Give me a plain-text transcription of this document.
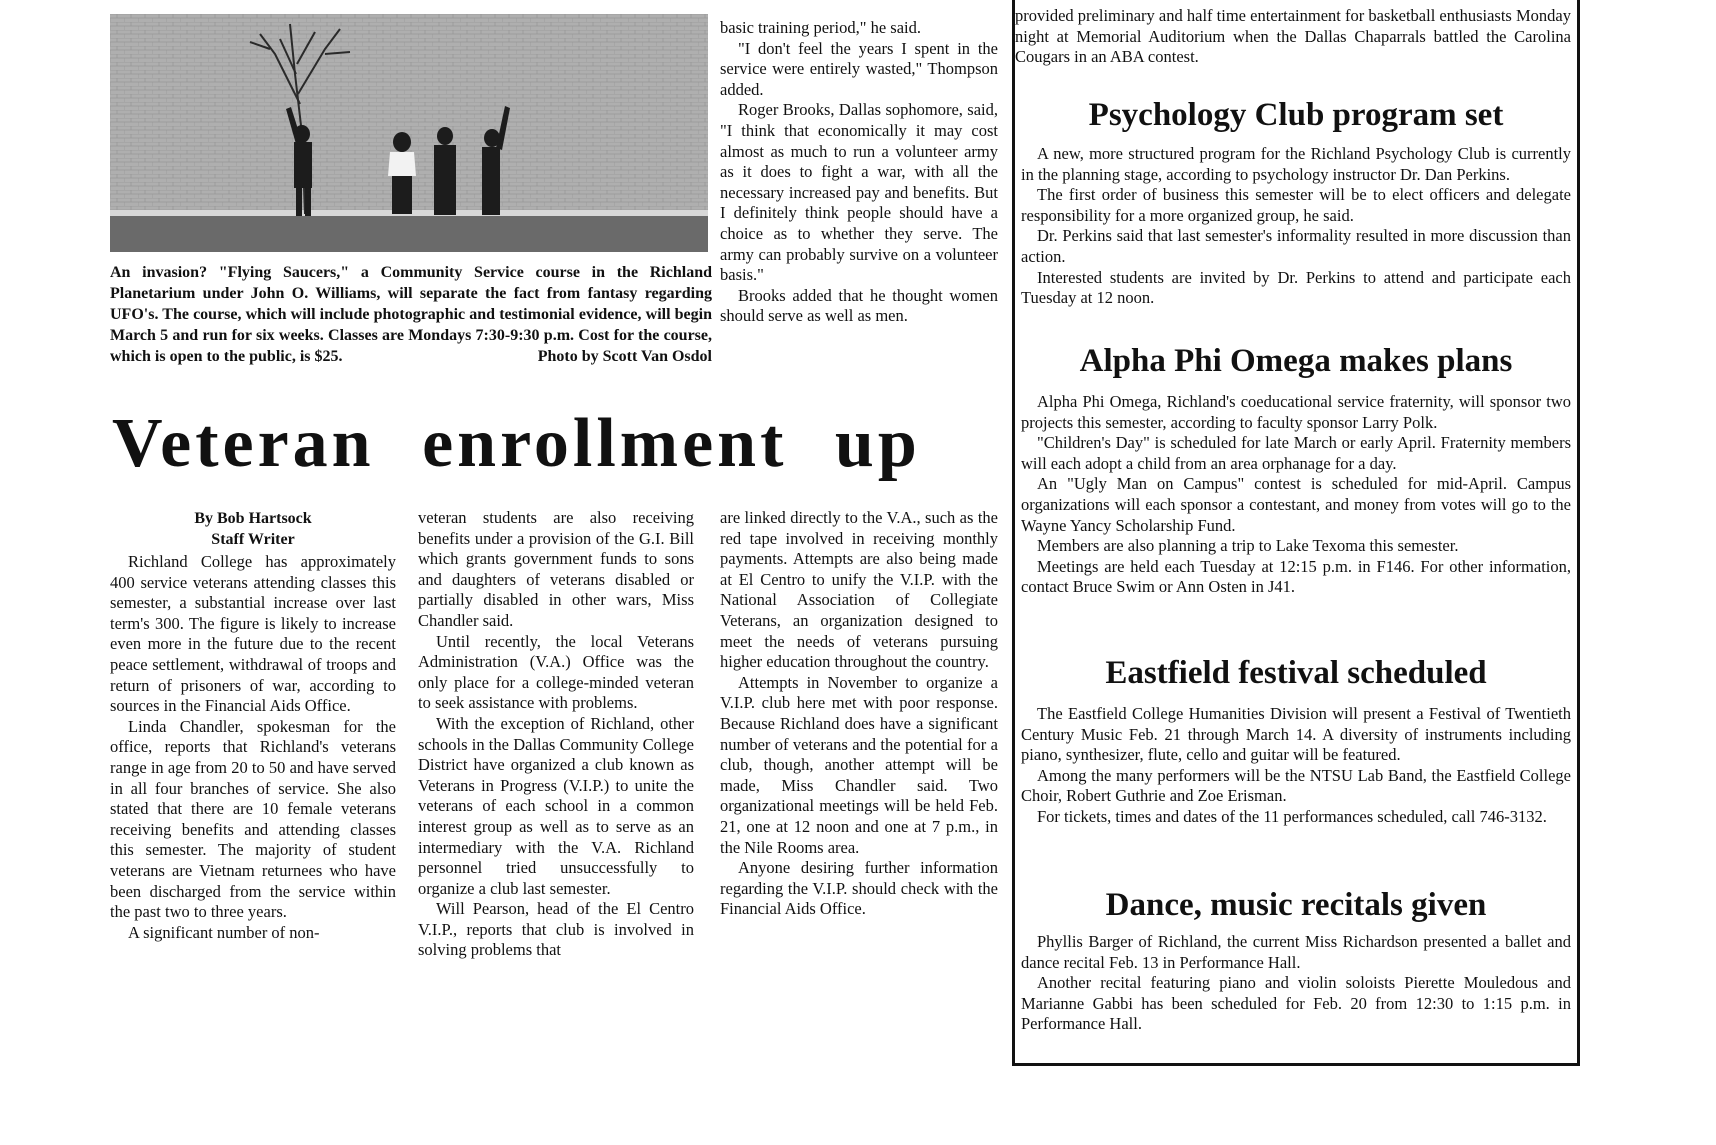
An invasion? "Flying Saucers," a Community Service course in the Richland Planetarium under John O. Williams, will separate the fact from fantasy regarding UFO's. The course, which will include photographic and testimonial evidence, will begin March 5 and run for six weeks. Classes are Mondays 7:30-9:30 p.m. Cost for the course, which is open to the public, is $25.	Photo by Scott Van Osdol

basic training period," he said.

"I don't feel the years I spent in the service were entirely wasted," Thompson added.

Roger Brooks, Dallas sophomore, said, "I think that economically it may cost almost as much to run a volunteer army as it does to fight a war, with all the necessary increased pay and benefits. But I definitely think people should have a choice as to whether they serve. The army can probably survive on a volunteer basis."

Brooks added that he thought women should serve as well as men.

Veteran enrollment up
By Bob Hartsock
Staff Writer

Richland College has approximately 400 service veterans attending classes this semester, a substantial increase over last term's 300. The figure is likely to increase even more in the future due to the recent peace settlement, withdrawal of troops and return of prisoners of war, according to sources in the Financial Aids Office.

Linda Chandler, spokesman for the office, reports that Richland's veterans range in age from 20 to 50 and have served in all four branches of service. She also stated that there are 10 female veterans receiving benefits and attending classes this semester. The majority of student veterans are Vietnam returnees who have been discharged from the service within the past two to three years.

A significant number of non-

veteran students are also receiving benefits under a provision of the G.I. Bill which grants government funds to sons and daughters of veterans disabled or partially disabled in other wars, Miss Chandler said.

Until recently, the local Veterans Administration (V.A.) Office was the only place for a college-minded veteran to seek assistance with problems.

With the exception of Richland, other schools in the Dallas Community College District have organized a club known as Veterans in Progress (V.I.P.) to unite the veterans of each school in a common interest group as well as to serve as an intermediary with the V.A. Richland personnel tried unsuccessfully to organize a club last semester.

Will Pearson, head of the El Centro V.I.P., reports that club is involved in solving problems that

are linked directly to the V.A., such as the red tape involved in receiving monthly payments. Attempts are also being made at El Centro to unify the V.I.P. with the National Association of Collegiate Veterans, an organization designed to meet the needs of veterans pursuing higher education throughout the country.

Attempts in November to organize a V.I.P. club here met with poor response. Because Richland does have a significant number of veterans and the potential for a club, though, another attempt will be made, Miss Chandler said. Two organizational meetings will be held Feb. 21, one at 12 noon and one at 7 p.m., in the Nile Rooms area.

Anyone desiring further information regarding the V.I.P. should check with the Financial Aids Office.

provided preliminary and half time entertainment for basketball enthusiasts Monday night at Memorial Auditorium when the Dallas Chaparrals battled the Carolina Cougars in an ABA contest.

Psychology Club program set

A new, more structured program for the Richland Psychology Club is currently in the planning stage, according to psychology instructor Dr. Dan Perkins.

The first order of business this semester will be to elect officers and delegate responsibility for a more organized group, he said.

Dr. Perkins said that last semester's informality resulted in more discussion than action.

Interested students are invited by Dr. Perkins to attend and participate each Tuesday at 12 noon.

Alpha Phi Omega makes plans

Alpha Phi Omega, Richland's coeducational service fraternity, will sponsor two projects this semester, according to faculty sponsor Larry Polk.

"Children's Day" is scheduled for late March or early April. Fraternity members will each adopt a child from an area orphanage for a day.

An "Ugly Man on Campus" contest is scheduled for mid-April. Campus organizations will each sponsor a contestant, and money from votes will go to the Wayne Yancy Scholarship Fund.

Members are also planning a trip to Lake Texoma this semester.

Meetings are held each Tuesday at 12:15 p.m. in F146. For other information, contact Bruce Swim or Ann Osten in J41.

Eastfield festival scheduled

The Eastfield College Humanities Division will present a Festival of Twentieth Century Music Feb. 21 through March 14. A diversity of instruments including piano, synthesizer, flute, cello and guitar will be featured.

Among the many performers will be the NTSU Lab Band, the Eastfield College Choir, Robert Guthrie and Zoe Erisman.

For tickets, times and dates of the 11 performances scheduled, call 746-3132.

Dance, music recitals given

Phyllis Barger of Richland, the current Miss Richardson presented a ballet and dance recital Feb. 13 in Performance Hall.

Another recital featuring piano and violin soloists Pierette Mouledous and Marianne Gabbi has been scheduled for Feb. 20 from 12:30 to 1:15 p.m. in Performance Hall.
